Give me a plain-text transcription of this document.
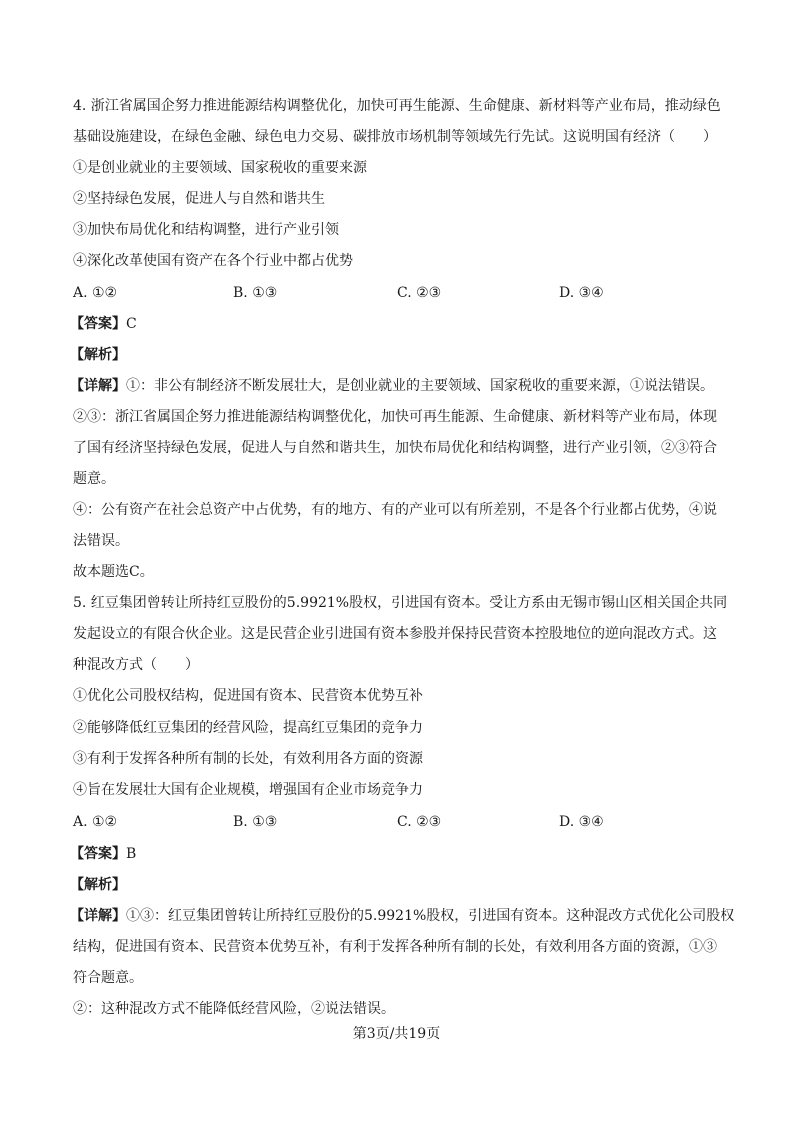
4. 浙江省属国企努力推进能源结构调整优化，加快可再生能源、生命健康、新材料等产业布局，推动绿色
基础设施建设，在绿色金融、绿色电力交易、碳排放市场机制等领域先行先试。这说明国有经济（　　）
①是创业就业的主要领域、国家税收的重要来源
②坚持绿色发展，促进人与自然和谐共生
③加快布局优化和结构调整，进行产业引领
④深化改革使国有资产在各个行业中都占优势
A. ①②	B. ①③	C. ②③	D. ③④
【答案】C
【解析】
【详解】①：非公有制经济不断发展壮大，是创业就业的主要领域、国家税收的重要来源，①说法错误。
②③：浙江省属国企努力推进能源结构调整优化，加快可再生能源、生命健康、新材料等产业布局，体现
了国有经济坚持绿色发展，促进人与自然和谐共生，加快布局优化和结构调整，进行产业引领，②③符合
题意。
④：公有资产在社会总资产中占优势，有的地方、有的产业可以有所差别，不是各个行业都占优势，④说
法错误。
故本题选C。
5. 红豆集团曾转让所持红豆股份的5.9921%股权，引进国有资本。受让方系由无锡市锡山区相关国企共同
发起设立的有限合伙企业。这是民营企业引进国有资本参股并保持民营资本控股地位的逆向混改方式。这
种混改方式（　　）
①优化公司股权结构，促进国有资本、民营资本优势互补
②能够降低红豆集团的经营风险，提高红豆集团的竞争力
③有利于发挥各种所有制的长处，有效利用各方面的资源
④旨在发展壮大国有企业规模，增强国有企业市场竞争力
A. ①②	B. ①③	C. ②③	D. ③④
【答案】B
【解析】
【详解】①③：红豆集团曾转让所持红豆股份的5.9921%股权，引进国有资本。这种混改方式优化公司股权
结构，促进国有资本、民营资本优势互补，有利于发挥各种所有制的长处，有效利用各方面的资源，①③
符合题意。
②：这种混改方式不能降低经营风险，②说法错误。
第3页/共19页
